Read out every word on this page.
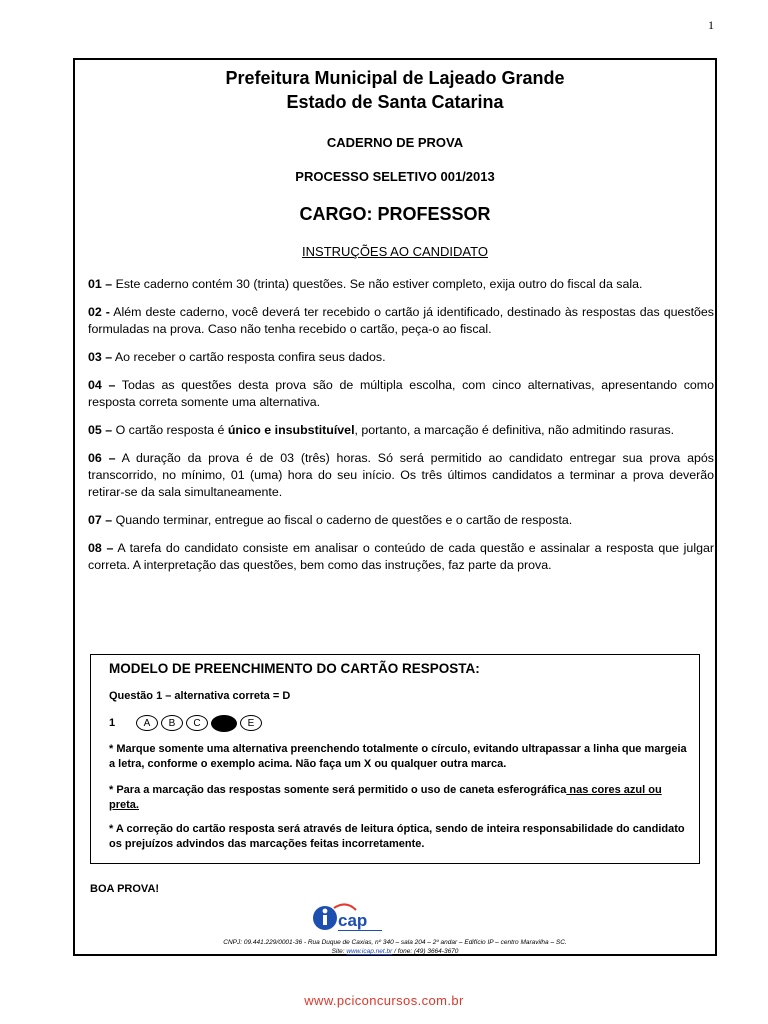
1
Prefeitura Municipal de Lajeado Grande
Estado de Santa Catarina
CADERNO DE PROVA
PROCESSO SELETIVO 001/2013
CARGO: PROFESSOR
INSTRUÇÕES AO CANDIDATO

01 – Este caderno contém 30 (trinta) questões. Se não estiver completo, exija outro do fiscal da sala.

02 - Além deste caderno, você deverá ter recebido o cartão já identificado, destinado às respostas das questões formuladas na prova. Caso não tenha recebido o cartão, peça-o ao fiscal.

03 – Ao receber o cartão resposta confira seus dados.

04 – Todas as questões desta prova são de múltipla escolha, com cinco alternativas, apresentando como resposta correta somente uma alternativa.

05 – O cartão resposta é único e insubstituível, portanto, a marcação é definitiva, não admitindo rasuras.

06 – A duração da prova é de 03 (três) horas. Só será permitido ao candidato entregar sua prova após transcorrido, no mínimo, 01 (uma) hora do seu início. Os três últimos candidatos a terminar a prova deverão retirar-se da sala simultaneamente.

07 – Quando terminar, entregue ao fiscal o caderno de questões e o cartão de resposta.

08 – A tarefa do candidato consiste em analisar o conteúdo de cada questão e assinalar a resposta que julgar correta. A interpretação das questões, bem como das instruções, faz parte da prova.

MODELO DE PREENCHIMENTO DO CARTÃO RESPOSTA:
Questão 1 – alternativa correta = D
1	A	B	C	E
* Marque somente uma alternativa preenchendo totalmente o círculo, evitando ultrapassar a linha que margeia a letra, conforme o exemplo acima. Não faça um X ou qualquer outra marca.
* Para a marcação das respostas somente será permitido o uso de caneta esferográfica nas cores azul ou preta.
* A correção do cartão resposta será através de leitura óptica, sendo de inteira responsabilidade do candidato os prejuízos advindos das marcações feitas incorretamente.
BOA PROVA!
cap
CNPJ: 09.441.229/0001-36 - Rua Duque de Caxias, nº 340 – sala 204 – 2º andar – Edifício IP – centro Maravilha – SC.
Site: www.icap.net.br / fone: (49) 3664-3670
www.pciconcursos.com.br
